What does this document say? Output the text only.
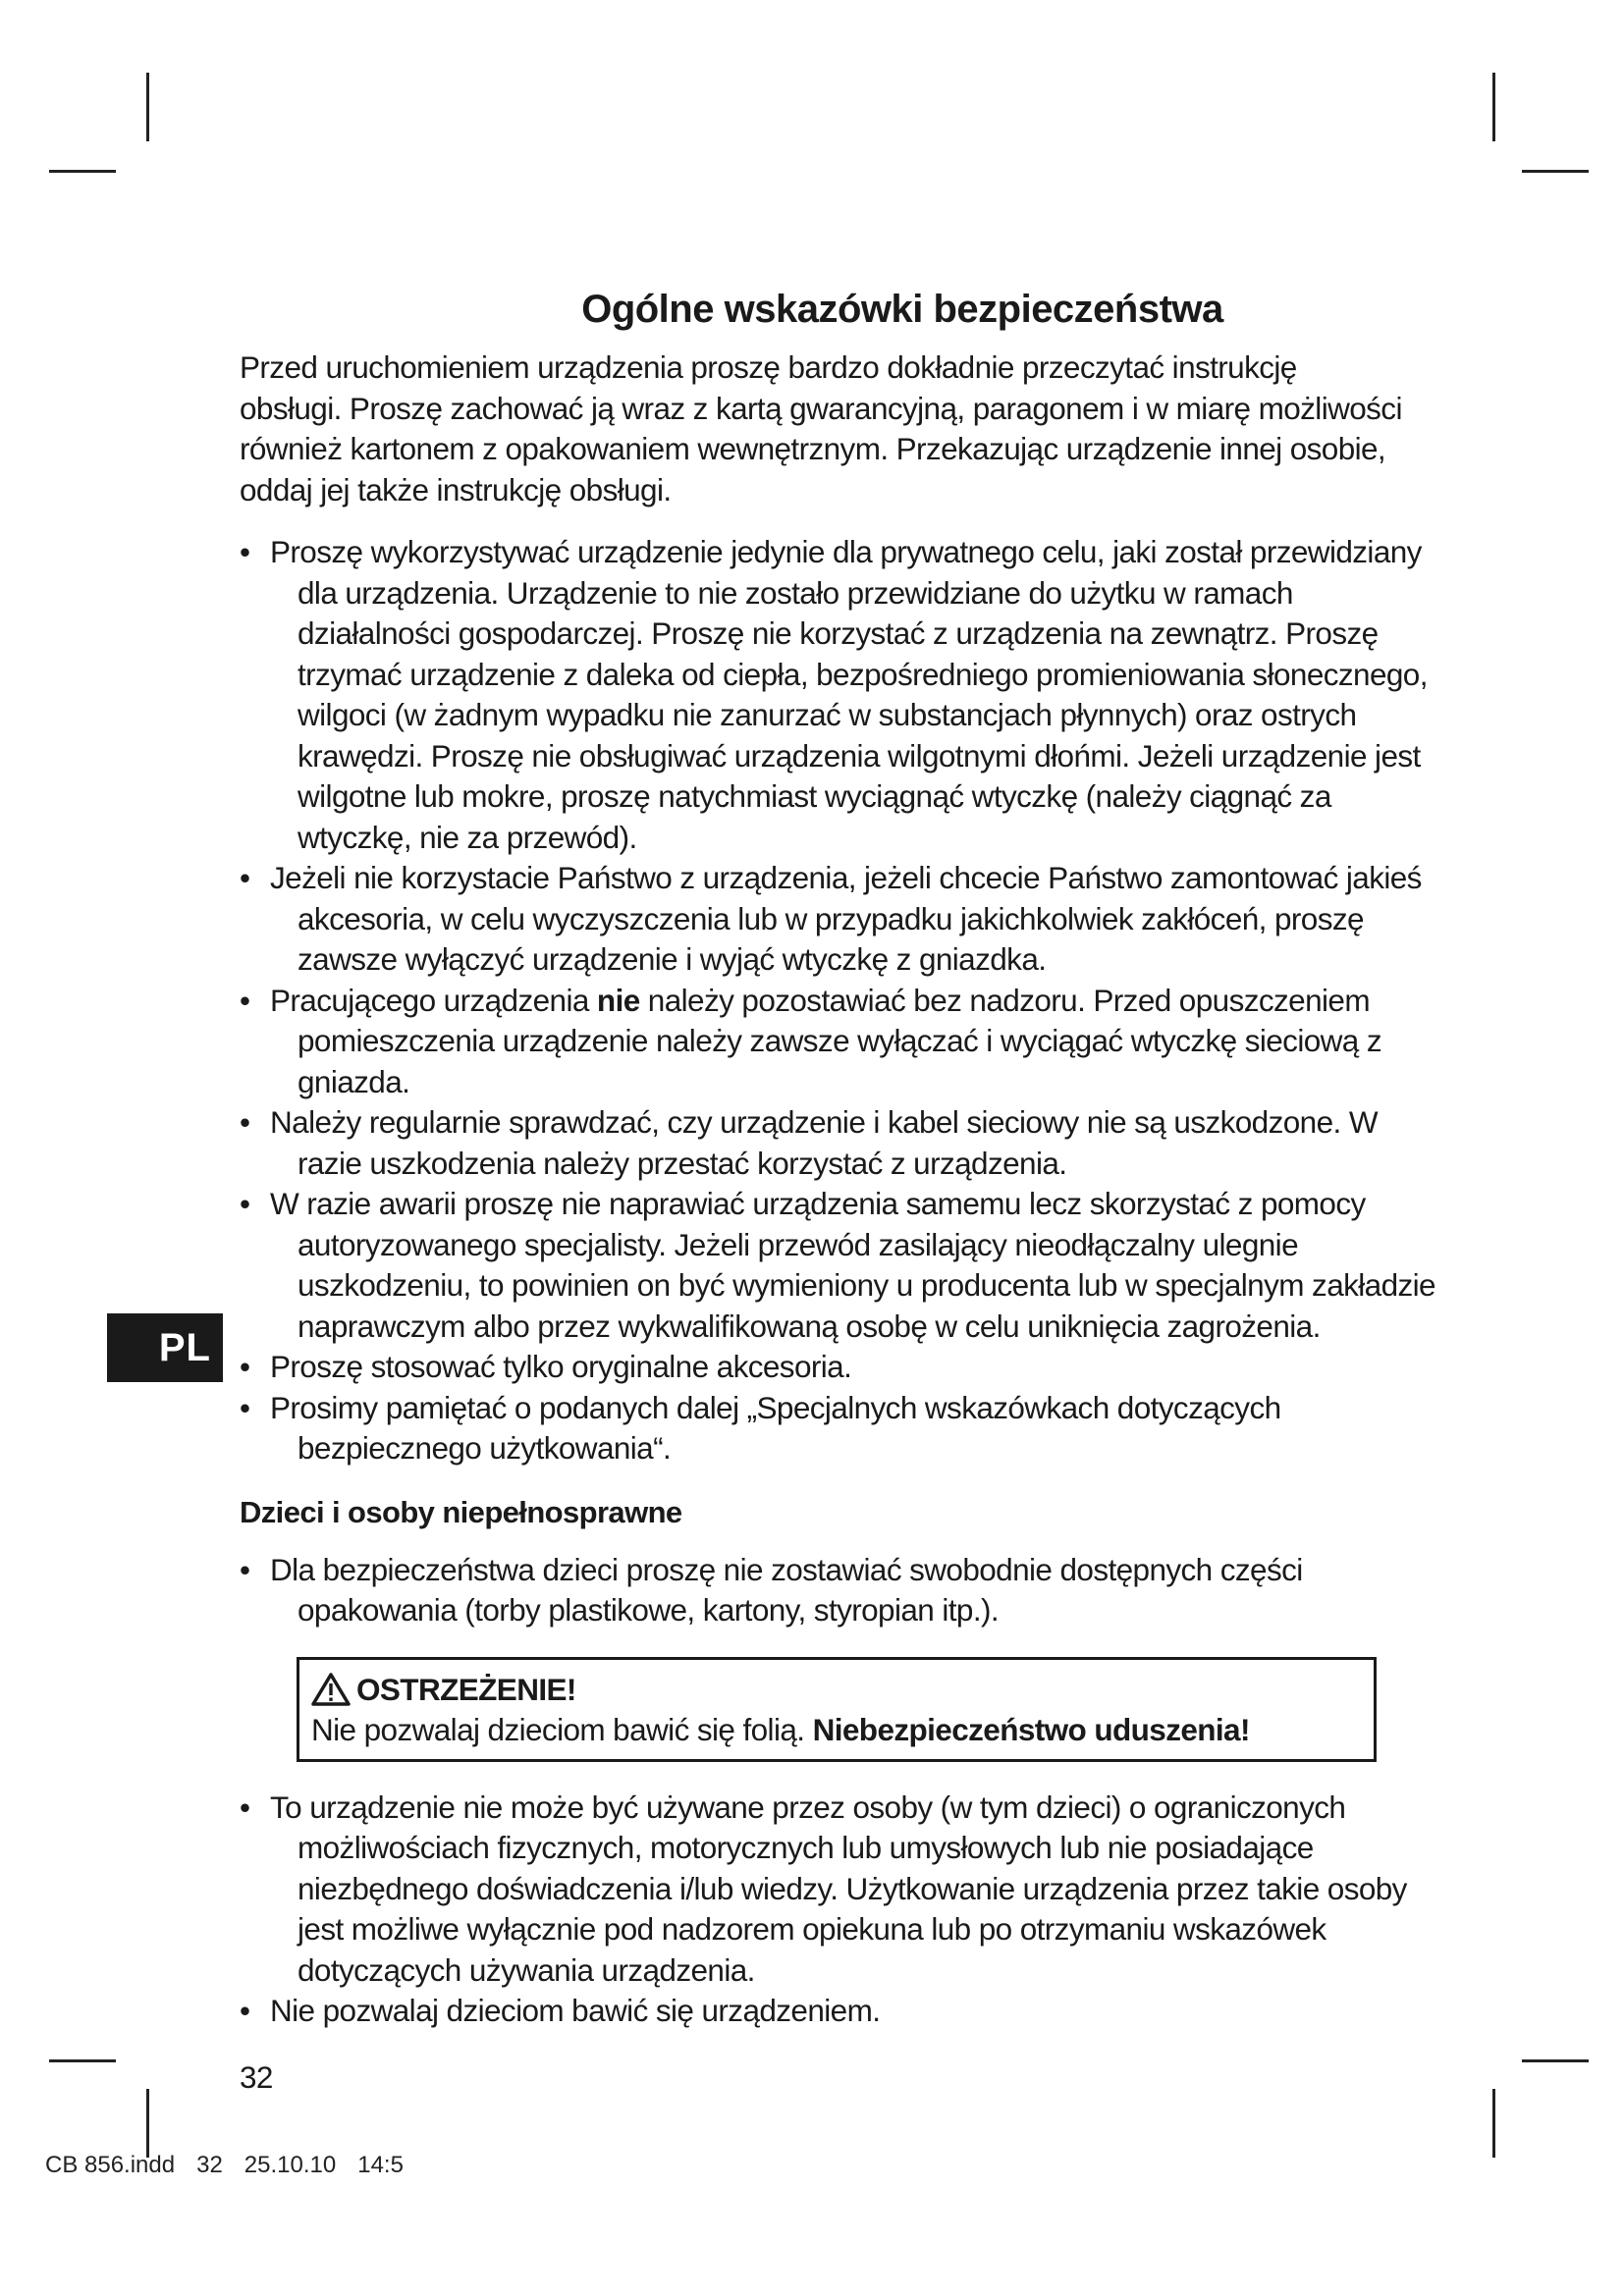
PL
Ogólne wskazówki bezpieczeństwa

Przed uruchomieniem urządzenia proszę bardzo dokładnie przeczytać instrukcję obsługi. Proszę zachować ją wraz z kartą gwarancyjną, paragonem i w miarę możliwości również kartonem z opakowaniem wewnętrznym. Przekazując urządzenie innej osobie, oddaj jej także instrukcję obsługi.

• Proszę wykorzystywać urządzenie jedynie dla prywatnego celu, jaki został przewidziany dla urządzenia. Urządzenie to nie zostało przewidziane do użytku w ramach działalności gospodarczej. Proszę nie korzystać z urządzenia na zewnątrz. Proszę trzymać urządzenie z daleka od ciepła, bezpośredniego promieniowania słonecznego, wilgoci (w żadnym wypadku nie zanurzać w substancjach płynnych) oraz ostrych krawędzi. Proszę nie obsługiwać urządzenia wilgotnymi dłońmi. Jeżeli urządzenie jest wilgotne lub mokre, proszę natychmiast wyciągnąć wtyczkę (należy ciągnąć za wtyczkę, nie za przewód).
• Jeżeli nie korzystacie Państwo z urządzenia, jeżeli chcecie Państwo zamontować jakieś akcesoria, w celu wyczyszczenia lub w przypadku jakichkolwiek zakłóceń, proszę zawsze wyłączyć urządzenie i wyjąć wtyczkę z gniazdka.
• Pracującego urządzenia nie należy pozostawiać bez nadzoru. Przed opuszczeniem pomieszczenia urządzenie należy zawsze wyłączać i wyciągać wtyczkę sieciową z gniazda.
• Należy regularnie sprawdzać, czy urządzenie i kabel sieciowy nie są uszkodzone. W razie uszkodzenia należy przestać korzystać z urządzenia.
• W razie awarii proszę nie naprawiać urządzenia samemu lecz skorzystać z pomocy autoryzowanego specjalisty. Jeżeli przewód zasilający nieodłączalny ulegnie uszkodzeniu, to powinien on być wymieniony u producenta lub w specjalnym zakładzie naprawczym albo przez wykwalifikowaną osobę w celu uniknięcia zagrożenia.
• Proszę stosować tylko oryginalne akcesoria.
• Prosimy pamiętać o podanych dalej „Specjalnych wskazówkach dotyczących bezpiecznego użytkowania“.
Dzieci i osoby niepełnosprawne
• Dla bezpieczeństwa dzieci proszę nie zostawiać swobodnie dostępnych części opakowania (torby plastikowe, kartony, styropian itp.).
OSTRZEŻENIE!
Nie pozwalaj dzieciom bawić się folią. Niebezpieczeństwo uduszenia!
• To urządzenie nie może być używane przez osoby (w tym dzieci) o ograniczonych możliwościach fizycznych, motorycznych lub umysłowych lub nie posiadające niezbędnego doświadczenia i/lub wiedzy. Użytkowanie urządzenia przez takie osoby jest możliwe wyłącznie pod nadzorem opiekuna lub po otrzymaniu wskazówek dotyczących używania urządzenia.
• Nie pozwalaj dzieciom bawić się urządzeniem.
32
CB 856.indd 32 25.10.10 14:5
